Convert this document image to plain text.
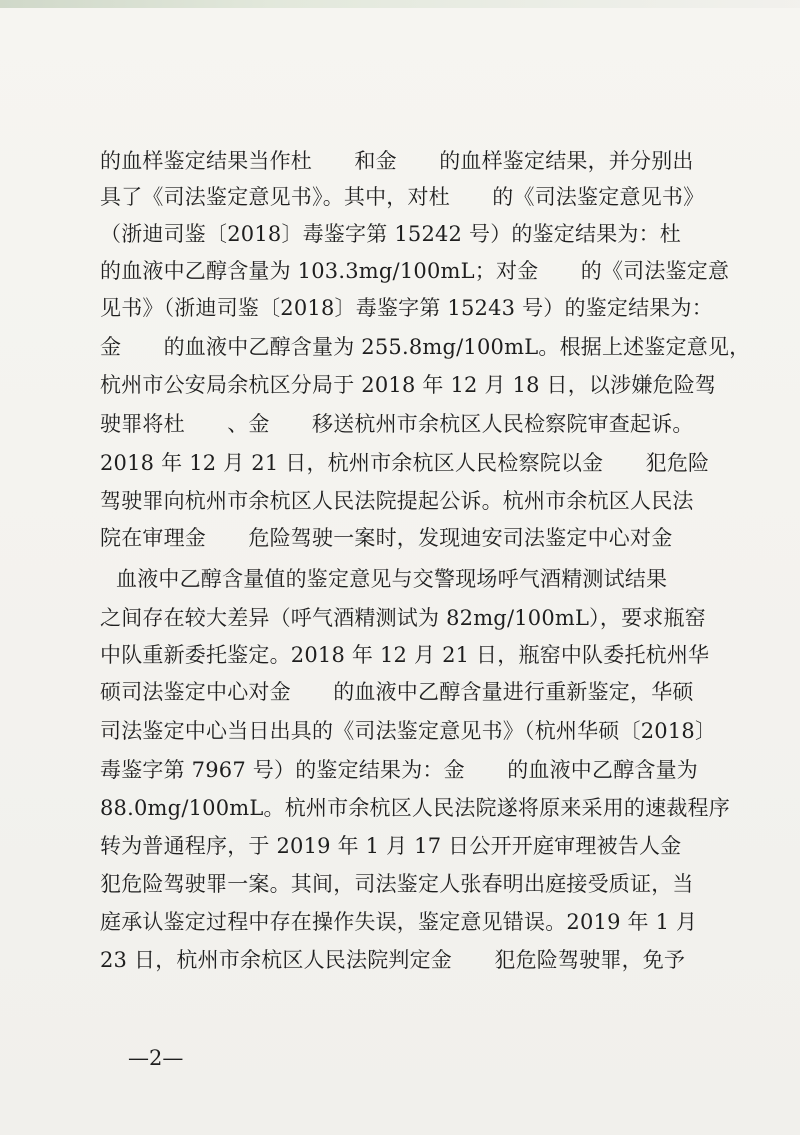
的血样鉴定结果当作杜　　和金　　的血样鉴定结果，并分别出
具了《司法鉴定意见书》。其中，对杜　　的《司法鉴定意见书》
（浙迪司鉴〔2018〕毒鉴字第 15242 号）的鉴定结果为：杜
的血液中乙醇含量为 103.3mg/100mL；对金　　的《司法鉴定意
见书》（浙迪司鉴〔2018〕毒鉴字第 15243 号）的鉴定结果为：
金　　的血液中乙醇含量为 255.8mg/100mL。根据上述鉴定意见，
杭州市公安局余杭区分局于 2018 年 12 月 18 日，以涉嫌危险驾
驶罪将杜　　、金　　移送杭州市余杭区人民检察院审查起诉。
2018 年 12 月 21 日，杭州市余杭区人民检察院以金　　犯危险
驾驶罪向杭州市余杭区人民法院提起公诉。杭州市余杭区人民法
院在审理金　　危险驾驶一案时，发现迪安司法鉴定中心对金
血液中乙醇含量值的鉴定意见与交警现场呼气酒精测试结果
之间存在较大差异（呼气酒精测试为 82mg/100mL），要求瓶窑
中队重新委托鉴定。2018 年 12 月 21 日，瓶窑中队委托杭州华
硕司法鉴定中心对金　　的血液中乙醇含量进行重新鉴定，华硕
司法鉴定中心当日出具的《司法鉴定意见书》（杭州华硕〔2018〕
毒鉴字第 7967 号）的鉴定结果为：金　　的血液中乙醇含量为
88.0mg/100mL。杭州市余杭区人民法院遂将原来采用的速裁程序
转为普通程序，于 2019 年 1 月 17 日公开开庭审理被告人金
犯危险驾驶罪一案。其间，司法鉴定人张春明出庭接受质证，当
庭承认鉴定过程中存在操作失误，鉴定意见错误。2019 年 1 月
23 日，杭州市余杭区人民法院判定金　　犯危险驾驶罪，免予
—2—
